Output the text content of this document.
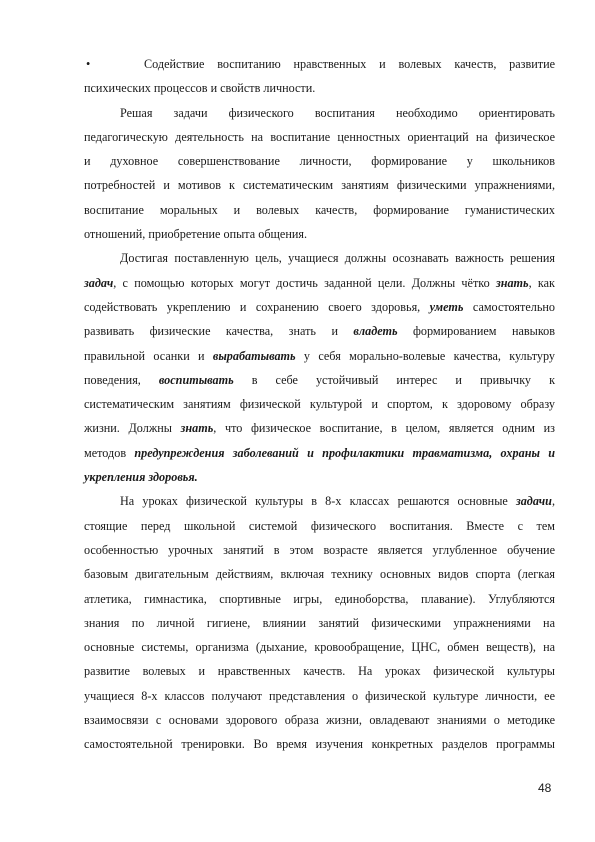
•	Содействие воспитанию нравственных и волевых качеств, развитие
психических процессов и свойств личности.
Решая задачи физического воспитания необходимо ориентировать
педагогическую деятельность на воспитание ценностных ориентаций на физическое
и духовное совершенствование личности, формирование у школьников
потребностей и мотивов к систематическим занятиям физическими упражнениями,
воспитание моральных и волевых качеств, формирование гуманистических
отношений, приобретение опыта общения.
Достигая поставленную цель, учащиеся должны осознавать важность решения
задач, с помощью которых могут достичь заданной цели. Должны чётко знать, как
содействовать укреплению и сохранению своего здоровья, уметь самостоятельно
развивать физические качества, знать и владеть формированием навыков
правильной осанки и вырабатывать у себя морально-волевые качества, культуру
поведения, воспитывать в себе устойчивый интерес и привычку к
систематическим занятиям физической культурой и спортом, к здоровому образу
жизни. Должны знать, что физическое воспитание, в целом, является одним из
методов предупреждения заболеваний и профилактики травматизма, охраны и
укрепления здоровья.
На уроках физической культуры в 8-х классах решаются основные задачи,
стоящие перед школьной системой физического воспитания. Вместе с тем
особенностью урочных занятий в этом возрасте является углубленное обучение
базовым двигательным действиям, включая технику основных видов спорта (легкая
атлетика, гимнастика, спортивные игры, единоборства, плавание). Углубляются
знания по личной гигиене, влиянии занятий физическими упражнениями на
основные системы, организма (дыхание, кровообращение, ЦНС, обмен веществ), на
развитие волевых и нравственных качеств. На уроках физической культуры
учащиеся 8-х классов получают представления о физической культуре личности, ее
взаимосвязи с основами здорового образа жизни, овладевают знаниями о методике
самостоятельной тренировки. Во время изучения конкретных разделов программы
48
